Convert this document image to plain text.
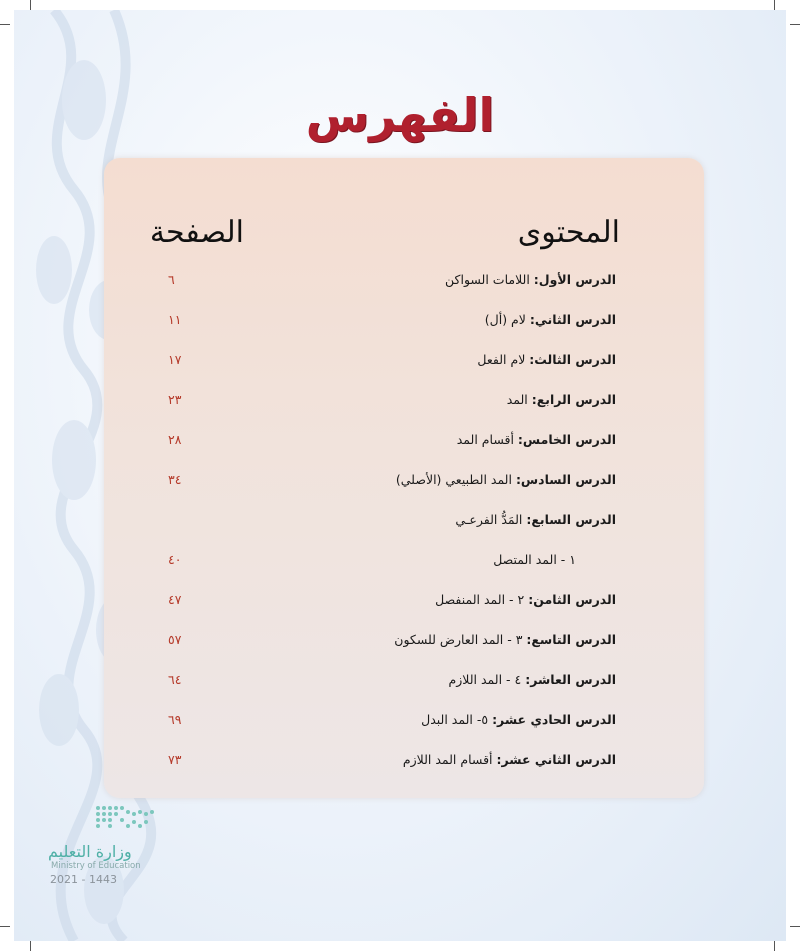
الفهرس
المحتوى
الصفحة
الدرس الأول: اللامات السواكن
٦
الدرس الثاني: لام (أل)
١١
الدرس الثالث: لام الفعل
١٧
الدرس الرابع: المد
٢٣
الدرس الخامس: أقسام المد
٢٨
الدرس السادس: المد الطبيعي (الأصلي)
٣٤
الدرس السابع: المَدُّ الفرعـي
١ - المد المتصل
٤٠
الدرس الثامن: ٢ - المد المنفصل
٤٧
الدرس التاسع: ٣ - المد العارض للسكون
٥٧
الدرس العاشر: ٤ - المد اللازم
٦٤
الدرس الحادي عشر: ٥- المد البدل
٦٩
الدرس الثاني عشر: أقسام المد اللازم
٧٣
وزارة التعليم
Ministry of Education
2021 - 1443
